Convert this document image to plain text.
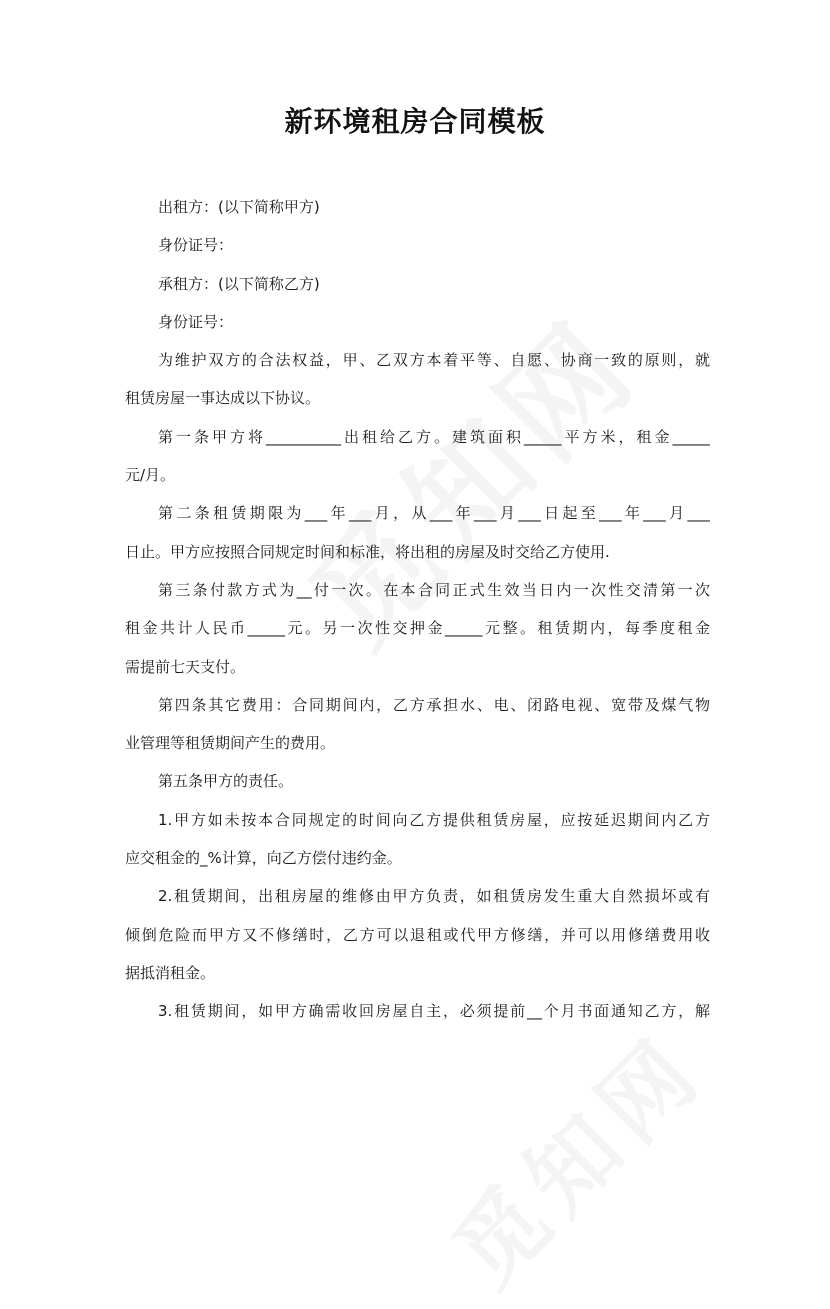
新环境租房合同模板
出租方：(以下简称甲方)
身份证号：
承租方：(以下简称乙方)
身份证号：
为维护双方的合法权益，甲、乙双方本着平等、自愿、协商一致的原则，就
租赁房屋一事达成以下协议。
第一条甲方将__________出租给乙方。建筑面积_____平方米，租金_____
元/月。
第二条租赁期限为___年___月，从___年___月___日起至___年___月___
日止。甲方应按照合同规定时间和标准，将出租的房屋及时交给乙方使用.
第三条付款方式为__付一次。在本合同正式生效当日内一次性交清第一次
租金共计人民币_____元。另一次性交押金_____元整。租赁期内，每季度租金
需提前七天支付。
第四条其它费用：合同期间内，乙方承担水、电、闭路电视、宽带及煤气物
业管理等租赁期间产生的费用。
第五条甲方的责任。
1.甲方如未按本合同规定的时间向乙方提供租赁房屋，应按延迟期间内乙方
应交租金的_%计算，向乙方偿付违约金。
2.租赁期间，出租房屋的维修由甲方负责，如租赁房发生重大自然损坏或有
倾倒危险而甲方又不修缮时，乙方可以退租或代甲方修缮，并可以用修缮费用收
据抵消租金。
3.租赁期间，如甲方确需收回房屋自主，必须提前__个月书面通知乙方，解
